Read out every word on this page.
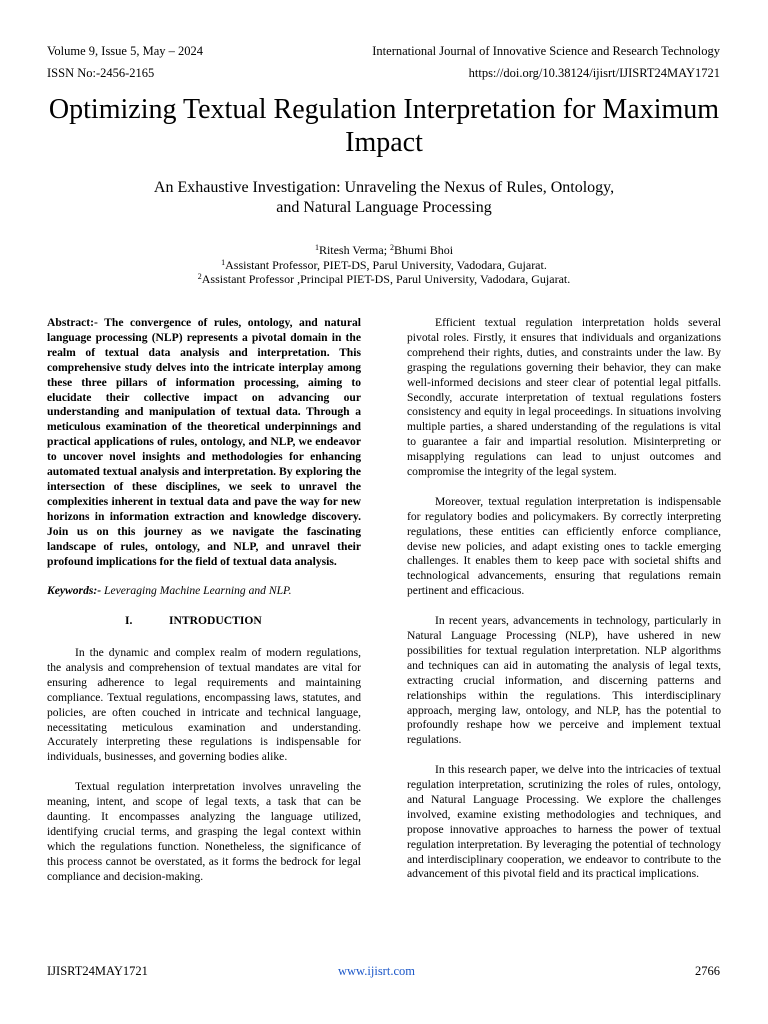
Volume 9, Issue 5, May – 2024	International Journal of Innovative Science and Research Technology
ISSN No:-2456-2165	https://doi.org/10.38124/ijisrt/IJISRT24MAY1721
Optimizing Textual Regulation Interpretation for Maximum Impact
An Exhaustive Investigation: Unraveling the Nexus of Rules, Ontology, and Natural Language Processing
$^1$Ritesh Verma; $^2$Bhumi Bhoi
$^1$Assistant Professor, PIET-DS, Parul University, Vadodara, Gujarat.
$^2$Assistant Professor ,Principal PIET-DS, Parul University, Vadodara, Gujarat.

Abstract:- The convergence of rules, ontology, and natural language processing (NLP) represents a pivotal domain in the realm of textual data analysis and interpretation. This comprehensive study delves into the intricate interplay among these three pillars of information processing, aiming to elucidate their collective impact on advancing our understanding and manipulation of textual data. Through a meticulous examination of the theoretical underpinnings and practical applications of rules, ontology, and NLP, we endeavor to uncover novel insights and methodologies for enhancing automated textual analysis and interpretation. By exploring the intersection of these disciplines, we seek to unravel the complexities inherent in textual data and pave the way for new horizons in information extraction and knowledge discovery. Join us on this journey as we navigate the fascinating landscape of rules, ontology, and NLP, and unravel their profound implications for the field of textual data analysis.

Keywords:- Leveraging Machine Learning and NLP.

I.	INTRODUCTION

In the dynamic and complex realm of modern regulations, the analysis and comprehension of textual mandates are vital for ensuring adherence to legal requirements and maintaining compliance. Textual regulations, encompassing laws, statutes, and policies, are often couched in intricate and technical language, necessitating meticulous examination and understanding. Accurately interpreting these regulations is indispensable for individuals, businesses, and governing bodies alike.

Textual regulation interpretation involves unraveling the meaning, intent, and scope of legal texts, a task that can be daunting. It encompasses analyzing the language utilized, identifying crucial terms, and grasping the legal context within which the regulations function. Nonetheless, the significance of this process cannot be overstated, as it forms the bedrock for legal compliance and decision-making.

Efficient textual regulation interpretation holds several pivotal roles. Firstly, it ensures that individuals and organizations comprehend their rights, duties, and constraints under the law. By grasping the regulations governing their behavior, they can make well-informed decisions and steer clear of potential legal pitfalls. Secondly, accurate interpretation of textual regulations fosters consistency and equity in legal proceedings. In situations involving multiple parties, a shared understanding of the regulations is vital to guarantee a fair and impartial resolution. Misinterpreting or misapplying regulations can lead to unjust outcomes and compromise the integrity of the legal system.

Moreover, textual regulation interpretation is indispensable for regulatory bodies and policymakers. By correctly interpreting regulations, these entities can efficiently enforce compliance, devise new policies, and adapt existing ones to tackle emerging challenges. It enables them to keep pace with societal shifts and technological advancements, ensuring that regulations remain pertinent and efficacious.

In recent years, advancements in technology, particularly in Natural Language Processing (NLP), have ushered in new possibilities for textual regulation interpretation. NLP algorithms and techniques can aid in automating the analysis of legal texts, extracting crucial information, and discerning patterns and relationships within the regulations. This interdisciplinary approach, merging law, ontology, and NLP, has the potential to profoundly reshape how we perceive and implement textual regulations.

In this research paper, we delve into the intricacies of textual regulation interpretation, scrutinizing the roles of rules, ontology, and Natural Language Processing. We explore the challenges involved, examine existing methodologies and techniques, and propose innovative approaches to harness the power of textual regulation interpretation. By leveraging the potential of technology and interdisciplinary cooperation, we endeavor to contribute to the advancement of this pivotal field and its practical implications.

IJISRT24MAY1721	www.ijisrt.com	2766
